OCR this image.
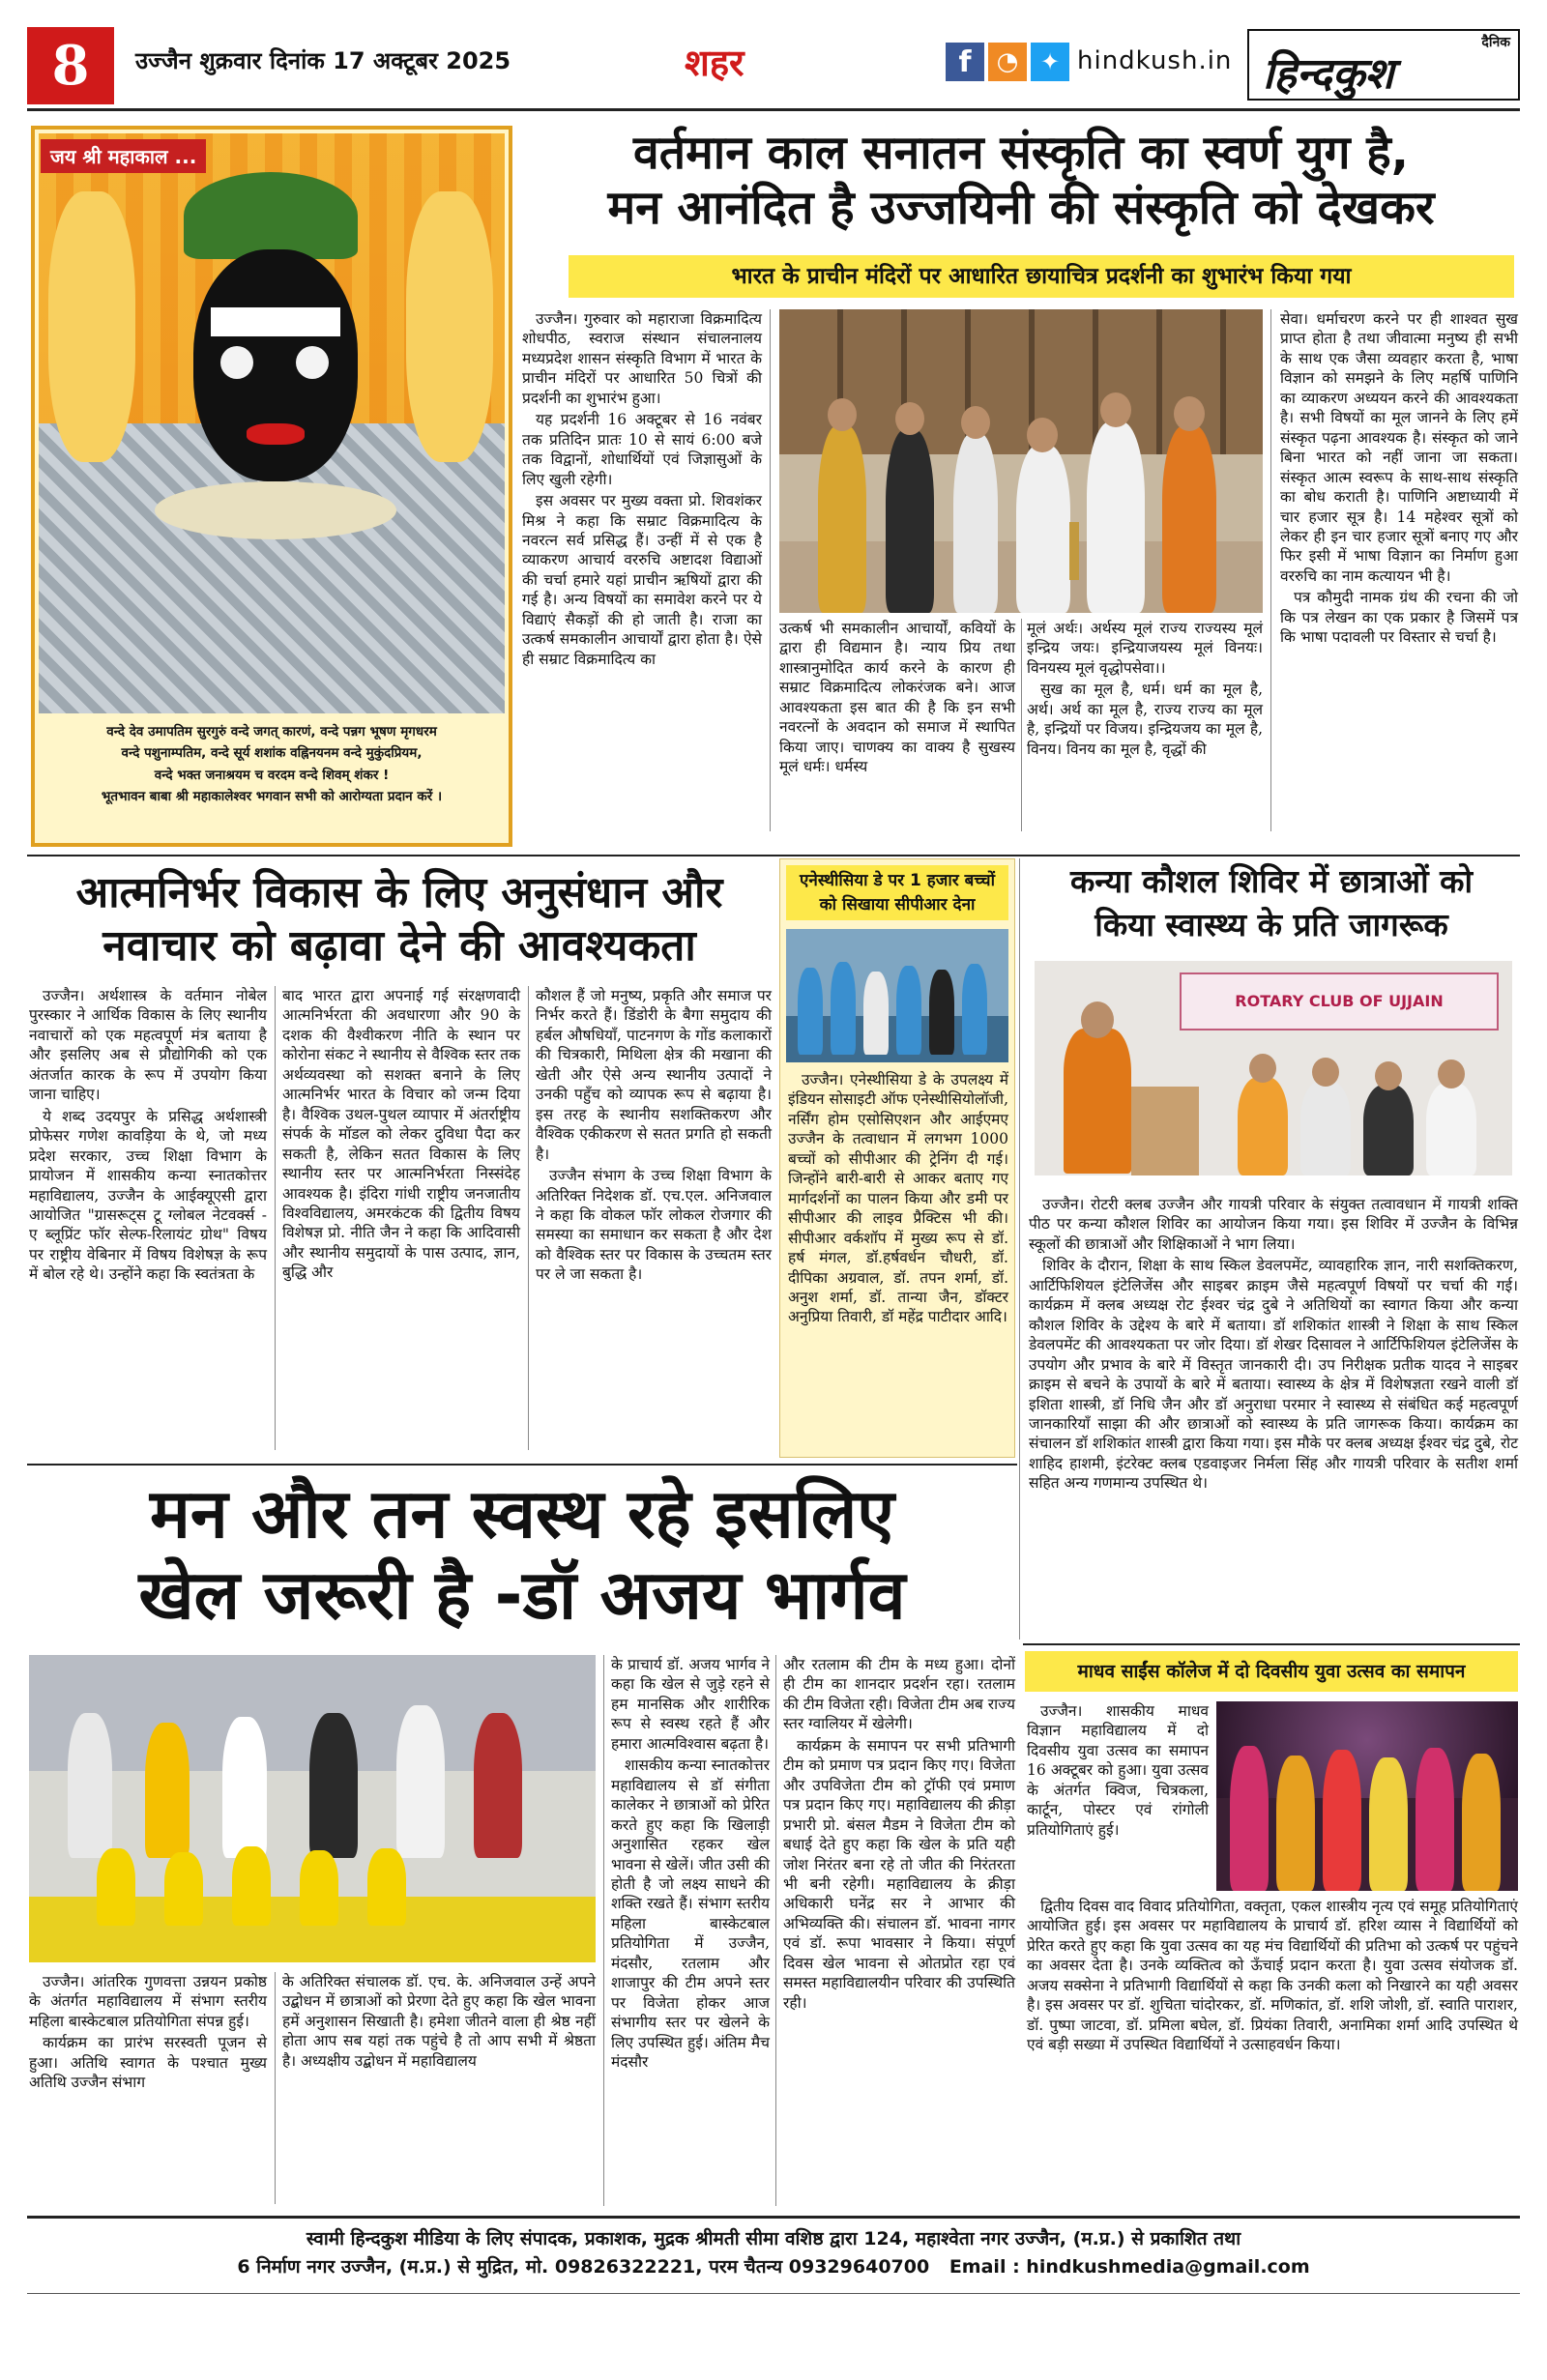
8	उज्जैन शुक्रवार दिनांक 17 अक्टूबर 2025	शहर	f	◔ ✦ hindkush.in
दैनिक
हिन्दकुश
जय श्री महाकाल ...
वन्दे देव उमापतिम सुरगुरुं वन्दे जगत् कारणं, वन्दे पन्नग भूषण मृगधरम
वन्दे पशुनाम्पतिम, वन्दे सूर्य शशांक वह्निनयनम वन्दे मुकुंदप्रियम,
वन्दे भक्त जनाश्रयम च वरदम वन्दे शिवम् शंकर !
भूतभावन बाबा श्री महाकालेश्वर भगवान सभी को आरोग्यता प्रदान करें ।
वर्तमान काल सनातन संस्कृति का स्वर्ण युग है,
मन आनंदित है उज्जयिनी की संस्कृति को देखकर
भारत के प्राचीन मंदिरों पर आधारित छायाचित्र प्रदर्शनी का शुभारंभ किया गया

उज्जैन। गुरुवार को महाराजा विक्रमादित्य शोधपीठ, स्वराज संस्थान संचालनालय मध्यप्रदेश शासन संस्कृति विभाग में भारत के प्राचीन मंदिरों पर आधारित 50 चित्रों की प्रदर्शनी का शुभारंभ हुआ।

यह प्रदर्शनी 16 अक्टूबर से 16 नवंबर तक प्रतिदिन प्रातः 10 से सायं 6:00 बजे तक विद्वानों, शोधार्थियों एवं जिज्ञासुओं के लिए खुली रहेगी।

इस अवसर पर मुख्य वक्ता प्रो. शिवशंकर मिश्र ने कहा कि सम्राट विक्रमादित्य के नवरत्न सर्व प्रसिद्ध हैं। उन्हीं में से एक है व्याकरण आचार्य वररुचि अष्टादश विद्याओं की चर्चा हमारे यहां प्राचीन ऋषियों द्वारा की गई है। अन्य विषयों का समावेश करने पर ये विद्याएं सैकड़ों की हो जाती है। राजा का उत्कर्ष समकालीन आचार्यों द्वारा होता है। ऐसे ही सम्राट विक्रमादित्य का

उत्कर्ष भी समकालीन आचार्यों, कवियों के द्वारा ही विद्यमान है। न्याय प्रिय तथा शास्त्रानुमोदित कार्य करने के कारण ही सम्राट विक्रमादित्य लोकरंजक बने। आज आवश्यकता इस बात की है कि इन सभी नवरत्नों के अवदान को समाज में स्थापित किया जाए। चाणक्य का वाक्य है सुखस्य मूलं धर्मः। धर्मस्य

मूलं अर्थः। अर्थस्य मूलं राज्य राज्यस्य मूलं इन्द्रिय जयः। इन्द्रियाजयस्य मूलं विनयः। विनयस्य मूलं वृद्धोपसेवा।।

सुख का मूल है, धर्म। धर्म का मूल है, अर्थ। अर्थ का मूल है, राज्य राज्य का मूल है, इन्द्रियों पर विजय। इन्द्रियजय का मूल है, विनय। विनय का मूल है, वृद्धों की

सेवा। धर्माचरण करने पर ही शाश्वत सुख प्राप्त होता है तथा जीवात्मा मनुष्य ही सभी के साथ एक जैसा व्यवहार करता है, भाषा विज्ञान को समझने के लिए महर्षि पाणिनि का व्याकरण अध्ययन करने की आवश्यकता है। सभी विषयों का मूल जानने के लिए हमें संस्कृत पढ़ना आवश्यक है। संस्कृत को जाने बिना भारत को नहीं जाना जा सकता। संस्कृत आत्म स्वरूप के साथ-साथ संस्कृति का बोध कराती है। पाणिनि अष्टाध्यायी में चार हजार सूत्र है। 14 महेश्वर सूत्रों को लेकर ही इन चार हजार सूत्रों बनाए गए और फिर इसी में भाषा विज्ञान का निर्माण हुआ वररुचि का नाम कत्यायन भी है।

पत्र कौमुदी नामक ग्रंथ की रचना की जो कि पत्र लेखन का एक प्रकार है जिसमें पत्र कि भाषा पदावली पर विस्तार से चर्चा है।

आत्मनिर्भर विकास के लिए अनुसंधान और
नवाचार को बढ़ावा देने की आवश्यकता

उज्जैन। अर्थशास्त्र के वर्तमान नोबेल पुरस्कार ने आर्थिक विकास के लिए स्थानीय नवाचारों को एक महत्वपूर्ण मंत्र बताया है और इसलिए अब से प्रौद्योगिकी को एक अंतर्जात कारक के रूप में उपयोग किया जाना चाहिए।

ये शब्द उदयपुर के प्रसिद्ध अर्थशास्त्री प्रोफेसर गणेश कावड़िया के थे, जो मध्य प्रदेश सरकार, उच्च शिक्षा विभाग के प्रायोजन में शासकीय कन्या स्नातकोत्तर महाविद्यालय, उज्जैन के आईक्यूएसी द्वारा आयोजित "ग्रासरूट्स टू ग्लोबल नेटवर्क्स - ए ब्लूप्रिंट फॉर सेल्फ-रिलायंट ग्रोथ" विषय पर राष्ट्रीय वेबिनार में विषय विशेषज्ञ के रूप में बोल रहे थे। उन्होंने कहा कि स्वतंत्रता के

बाद भारत द्वारा अपनाई गई संरक्षणवादी आत्मनिर्भरता की अवधारणा और 90 के दशक की वैश्वीकरण नीति के स्थान पर कोरोना संकट ने स्थानीय से वैश्विक स्तर तक अर्थव्यवस्था को सशक्त बनाने के लिए आत्मनिर्भर भारत के विचार को जन्म दिया है। वैश्विक उथल-पुथल व्यापार में अंतर्राष्ट्रीय संपर्क के मॉडल को लेकर दुविधा पैदा कर सकती है, लेकिन सतत विकास के लिए स्थानीय स्तर पर आत्मनिर्भरता निस्संदेह आवश्यक है। इंदिरा गांधी राष्ट्रीय जनजातीय विश्वविद्यालय, अमरकंटक की द्वितीय विषय विशेषज्ञ प्रो. नीति जैन ने कहा कि आदिवासी और स्थानीय समुदायों के पास उत्पाद, ज्ञान, बुद्धि और

कौशल हैं जो मनुष्य, प्रकृति और समाज पर निर्भर करते हैं। डिंडोरी के बैगा समुदाय की हर्बल औषधियाँ, पाटनगण के गोंड कलाकारों की चित्रकारी, मिथिला क्षेत्र की मखाना की खेती और ऐसे अन्य स्थानीय उत्पादों ने उनकी पहुँच को व्यापक रूप से बढ़ाया है। इस तरह के स्थानीय सशक्तिकरण और वैश्विक एकीकरण से सतत प्रगति हो सकती है।

उज्जैन संभाग के उच्च शिक्षा विभाग के अतिरिक्त निदेशक डॉ. एच.एल. अनिजवाल ने कहा कि वोकल फॉर लोकल रोजगार की समस्या का समाधान कर सकता है और देश को वैश्विक स्तर पर विकास के उच्चतम स्तर पर ले जा सकता है।

एनेस्थीसिया डे पर 1 हजार बच्चों
को सिखाया सीपीआर देना

उज्जैन। एनेस्थीसिया डे के उपलक्ष्य में इंडियन सोसाइटी ऑफ एनेस्थीसियोलॉजी, नर्सिंग होम एसोसिएशन और आईएमए उज्जैन के तत्वाधान में लगभग 1000 बच्चों को सीपीआर की ट्रेनिंग दी गई। जिन्होंने बारी-बारी से आकर बताए गए मार्गदर्शनों का पालन किया और डमी पर सीपीआर की लाइव प्रैक्टिस भी की। सीपीआर वर्कशॉप में मुख्य रूप से डॉ. हर्ष मंगल, डॉ.हर्षवर्धन चौधरी, डॉ. दीपिका अग्रवाल, डॉ. तपन शर्मा, डॉ. अनुश शर्मा, डॉ. तान्या जैन, डॉक्टर अनुप्रिया तिवारी, डॉ महेंद्र पाटीदार आदि।

कन्या कौशल शिविर में छात्राओं को
किया स्वास्थ्य के प्रति जागरूक
ROTARY CLUB OF UJJAIN

उज्जैन। रोटरी क्लब उज्जैन और गायत्री परिवार के संयुक्त तत्वावधान में गायत्री शक्ति पीठ पर कन्या कौशल शिविर का आयोजन किया गया। इस शिविर में उज्जैन के विभिन्न स्कूलों की छात्राओं और शिक्षिकाओं ने भाग लिया।

शिविर के दौरान, शिक्षा के साथ स्किल डेवलपमेंट, व्यावहारिक ज्ञान, नारी सशक्तिकरण, आर्टिफिशियल इंटेलिजेंस और साइबर क्राइम जैसे महत्वपूर्ण विषयों पर चर्चा की गई। कार्यक्रम में क्लब अध्यक्ष रोट ईश्वर चंद्र दुबे ने अतिथियों का स्वागत किया और कन्या कौशल शिविर के उद्देश्य के बारे में बताया। डॉ शशिकांत शास्त्री ने शिक्षा के साथ स्किल डेवलपमेंट की आवश्यकता पर जोर दिया। डॉ शेखर दिसावल ने आर्टिफिशियल इंटेलिजेंस के उपयोग और प्रभाव के बारे में विस्तृत जानकारी दी। उप निरीक्षक प्रतीक यादव ने साइबर क्राइम से बचने के उपायों के बारे में बताया। स्वास्थ्य के क्षेत्र में विशेषज्ञता रखने वाली डॉ इशिता शास्त्री, डॉ निधि जैन और डॉ अनुराधा परमार ने स्वास्थ्य से संबंधित कई महत्वपूर्ण जानकारियाँ साझा की और छात्राओं को स्वास्थ्य के प्रति जागरूक किया। कार्यक्रम का संचालन डॉ शशिकांत शास्त्री द्वारा किया गया। इस मौके पर क्लब अध्यक्ष ईश्वर चंद्र दुबे, रोट शाहिद हाशमी, इंटरेक्ट क्लब एडवाइजर निर्मला सिंह और गायत्री परिवार के सतीश शर्मा सहित अन्य गणमान्य उपस्थित थे।

मन और तन स्वस्थ रहे इसलिए
खेल जरूरी है -डॉ अजय भार्गव

उज्जैन। आंतरिक गुणवत्ता उन्नयन प्रकोष्ठ के अंतर्गत महाविद्यालय में संभाग स्तरीय महिला बास्केटबाल प्रतियोगिता संपन्न हुई।

कार्यक्रम का प्रारंभ सरस्वती पूजन से हुआ। अतिथि स्वागत के पश्चात मुख्य अतिथि उज्जैन संभाग

के अतिरिक्त संचालक डॉ. एच. के. अनिजवाल उन्हें अपने उद्बोधन में छात्राओं को प्रेरणा देते हुए कहा कि खेल भावना हमें अनुशासन सिखाती है। हमेशा जीतने वाला ही श्रेष्ठ नहीं होता आप सब यहां तक पहुंचे है तो आप सभी में श्रेष्ठता है। अध्यक्षीय उद्बोधन में महाविद्यालय

के प्राचार्य डॉ. अजय भार्गव ने कहा कि खेल से जुड़े रहने से हम मानसिक और शारीरिक रूप से स्वस्थ रहते हैं और हमारा आत्मविश्वास बढ़ता है।

शासकीय कन्या स्नातकोत्तर महाविद्यालय से डॉ संगीता कालेकर ने छात्राओं को प्रेरित करते हुए कहा कि खिलाड़ी अनुशासित रहकर खेल भावना से खेलें। जीत उसी की होती है जो लक्ष्य साधने की शक्ति रखते हैं। संभाग स्तरीय महिला बास्केटबाल प्रतियोगिता में उज्जैन, मंदसौर, रतलाम और शाजापुर की टीम अपने स्तर पर विजेता होकर आज संभागीय स्तर पर खेलने के लिए उपस्थित हुई। अंतिम मैच मंदसौर

और रतलाम की टीम के मध्य हुआ। दोनों ही टीम का शानदार प्रदर्शन रहा। रतलाम की टीम विजेता रही। विजेता टीम अब राज्य स्तर ग्वालियर में खेलेगी।

कार्यक्रम के समापन पर सभी प्रतिभागी टीम को प्रमाण पत्र प्रदान किए गए। विजेता और उपविजेता टीम को ट्रॉफी एवं प्रमाण पत्र प्रदान किए गए। महाविद्यालय की क्रीड़ा प्रभारी प्रो. बंसल मैडम ने विजेता टीम को बधाई देते हुए कहा कि खेल के प्रति यही जोश निरंतर बना रहे तो जीत की निरंतरता भी बनी रहेगी। महाविद्यालय के क्रीड़ा अधिकारी घनेंद्र सर ने आभार की अभिव्यक्ति की। संचालन डॉ. भावना नागर एवं डॉ. रूपा भावसार ने किया। संपूर्ण दिवस खेल भावना से ओतप्रोत रहा एवं समस्त महाविद्यालयीन परिवार की उपस्थिति रही।

माधव साईंस कॉलेज में दो दिवसीय युवा उत्सव का समापन

उज्जैन। शासकीय माधव विज्ञान महाविद्यालय में दो दिवसीय युवा उत्सव का समापन 16 अक्टूबर को हुआ। युवा उत्सव के अंतर्गत क्विज, चित्रकला, कार्टून, पोस्टर एवं रांगोली प्रतियोगिताएं हुई।

द्वितीय दिवस वाद विवाद प्रतियोगिता, वक्तृता, एकल शास्त्रीय नृत्य एवं समूह प्रतियोगिताएं आयोजित हुई। इस अवसर पर महाविद्यालय के प्राचार्य डॉ. हरिश व्यास ने विद्यार्थियों को प्रेरित करते हुए कहा कि युवा उत्सव का यह मंच विद्यार्थियों की प्रतिभा को उत्कर्ष पर पहुंचने का अवसर देता है। उनके व्यक्तित्व को ऊँचाई प्रदान करता है। युवा उत्सव संयोजक डॉ. अजय सक्सेना ने प्रतिभागी विद्यार्थियों से कहा कि उनकी कला को निखारने का यही अवसर है। इस अवसर पर डॉ. शुचिता चांदोरकर, डॉ. मणिकांत, डॉ. शशि जोशी, डॉ. स्वाति पाराशर, डॉ. पुष्पा जाटवा, डॉ. प्रमिला बघेल, डॉ. प्रियंका तिवारी, अनामिका शर्मा आदि उपस्थित थे एवं बड़ी सख्या में उपस्थित विद्यार्थियों ने उत्साहवर्धन किया।

स्वामी हिन्दकुश मीडिया के लिए संपादक, प्रकाशक, मुद्रक श्रीमती सीमा वशिष्ठ द्वारा 124, महाश्वेता नगर उज्जैन, (म.प्र.) से प्रकाशित तथा
6 निर्माण नगर उज्जैन, (म.प्र.) से मुद्रित, मो. 09826322221, परम चैतन्य 09329640700 Email : hindkushmedia@gmail.com
